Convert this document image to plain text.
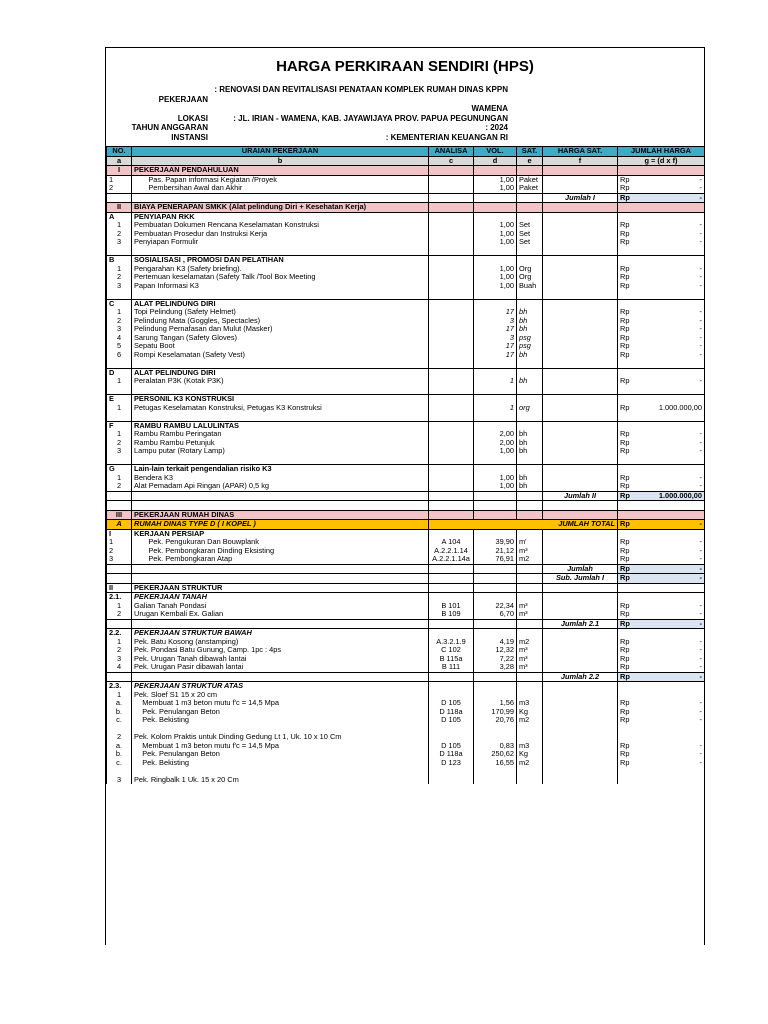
HARGA PERKIRAAN SENDIRI (HPS)
: RENOVASI DAN REVITALISASI PENATAAN KOMPLEK RUMAH DINAS KPPN
PEKERJAAN
WAMENA
LOKASI	: JL. IRIAN - WAMENA, KAB. JAYAWIJAYA PROV. PAPUA PEGUNUNGAN
TAHUN ANGGARAN	: 2024
INSTANSI	: KEMENTERIAN KEUANGAN RI
NO.	URAIAN PEKERJAAN	ANALISA	VOL.	SAT.	HARGA SAT.	JUMLAH HARGA
a	b	c	d	e	f	g = (d x f)
I	PEKERJAAN PENDAHULUAN					
1	Pas. Papan informasi Kegiatan /Proyek		1,00	Paket		Rp -

2	Pembersihan Awal dan Akhir		1,00	Paket		Rp -

					Jumlah I	Rp -

II	BIAYA PENERAPAN SMKK (Alat pelindung Diri + Kesehatan Kerja)					
A	PENYIAPAN RKK					
1	Pembuatan Dokumen Rencana Keselamatan Konstruksi		1,00	Set		Rp -

2	Pembuatan Prosedur dan Instruksi Kerja		1,00	Set		Rp -

3	Penyiapan Formulir		1,00	Set		Rp -

B	SOSIALISASI , PROMOSI DAN PELATIHAN					
1	Pengarahan K3 (Safety briefing).		1,00	Org		Rp -

2	Pertemuan keselamatan (Safety Talk /Tool Box Meeting		1,00	Org		Rp -

3	Papan Informasi K3		1,00	Buah		Rp -

C	ALAT PELINDUNG DIRI					
1	Topi Pelindung (Safety Helmet)		17	bh		Rp -

2	Pelindung Mata (Goggles, Spectacles)		3	bh		Rp -

3	Pelindung Pernafasan dan Mulut (Masker)		17	bh		Rp -

4	Sarung Tangan (Safety Gloves)		3	psg		Rp -

5	Sepatu Boot		17	psg		Rp -

6	Rompi Keselamatan (Safety Vest)		17	bh		Rp -

D	ALAT PELINDUNG DIRI					
1	Peralatan P3K (Kotak P3K)		1	bh		Rp -

E	PERSONIL K3 KONSTRUKSI					
1	Petugas Keselamatan Konstruksi, Petugas K3 Konstruksi		1	org		Rp 1.000.000,00

F	RAMBU RAMBU LALULINTAS					
1	Rambu Rambu Peringatan		2,00	bh		Rp -

2	Rambu Rambu Petunjuk		2,00	bh		Rp -

3	Lampu putar (Rotary Lamp)		1,00	bh		Rp -

G	Lain-lain terkait pengendalian risiko K3					
1	Bendera K3		1,00	bh		Rp -

2	Alat Pemadam Api Ringan (APAR) 0,5 kg		1,00	bh		Rp -

					Jumlah II	Rp 1.000.000,00

III	PEKERJAAN RUMAH DINAS					
A	RUMAH DINAS TYPE D ( I KOPEL )	JUMLAH TOTAL				Rp -

I	KERJAAN PERSIAP					
1	Pek. Pengukuran Dan Bouwplank	A 104	39,90	m'		Rp -

2	Pek. Pembongkaran Dinding Eksisting	A.2.2.1.14	21,12	m³		Rp -

3	Pek. Pembongkaran Atap	A.2.2.1.14a	76,91	m2		Rp -

					Jumlah	Rp -

					Sub. Jumlah I	Rp -

II	PEKERJAAN STRUKTUR					
2.1.	PEKERJAAN TANAH					
1	Galian Tanah Pondasi	B 101	22,34	m³		Rp -

2	Urugan Kembali Ex. Galian	B 109	6,70	m³		Rp -

					Jumlah 2.1	Rp -

2.2.	PEKERJAAN STRUKTUR BAWAH					
1	Pek. Batu Kosong (anstamping)	A.3.2.1.9	4,19	m2		Rp -

2	Pek. Pondasi Batu Gunung, Camp. 1pc : 4ps	C 102	12,32	m³		Rp -

3	Pek. Urugan Tanah dibawah lantai	B 115a	7,22	m³		Rp -

4	Pek. Urugan Pasir dibawah lantai	B 111	3,28	m³		Rp -

					Jumlah 2.2	Rp -

2.3.	PEKERJAAN STRUKTUR ATAS					
1	Pek. Sloef S1 15 x 20 cm					
a.	Membuat 1 m3 beton mutu f'c = 14,5 Mpa	D 105	1,56	m3		Rp -

b.	Pek. Penulangan Beton	D 118a	170,99	Kg		Rp -

c.	Pek. Bekisting	D 105	20,76	m2		Rp -

2	Pek. Kolom Praktis untuk Dinding Gedung Lt 1, Uk. 10 x 10 Cm					
a.	Membuat 1 m3 beton mutu f'c = 14,5 Mpa	D 105	0,83	m3		Rp -

b.	Pek. Penulangan Beton	D 118a	250,62	Kg		Rp -

c.	Pek. Bekisting	D 123	16,55	m2		Rp -

3	Pek. Ringbalk 1 Uk. 15 x 20 Cm					
